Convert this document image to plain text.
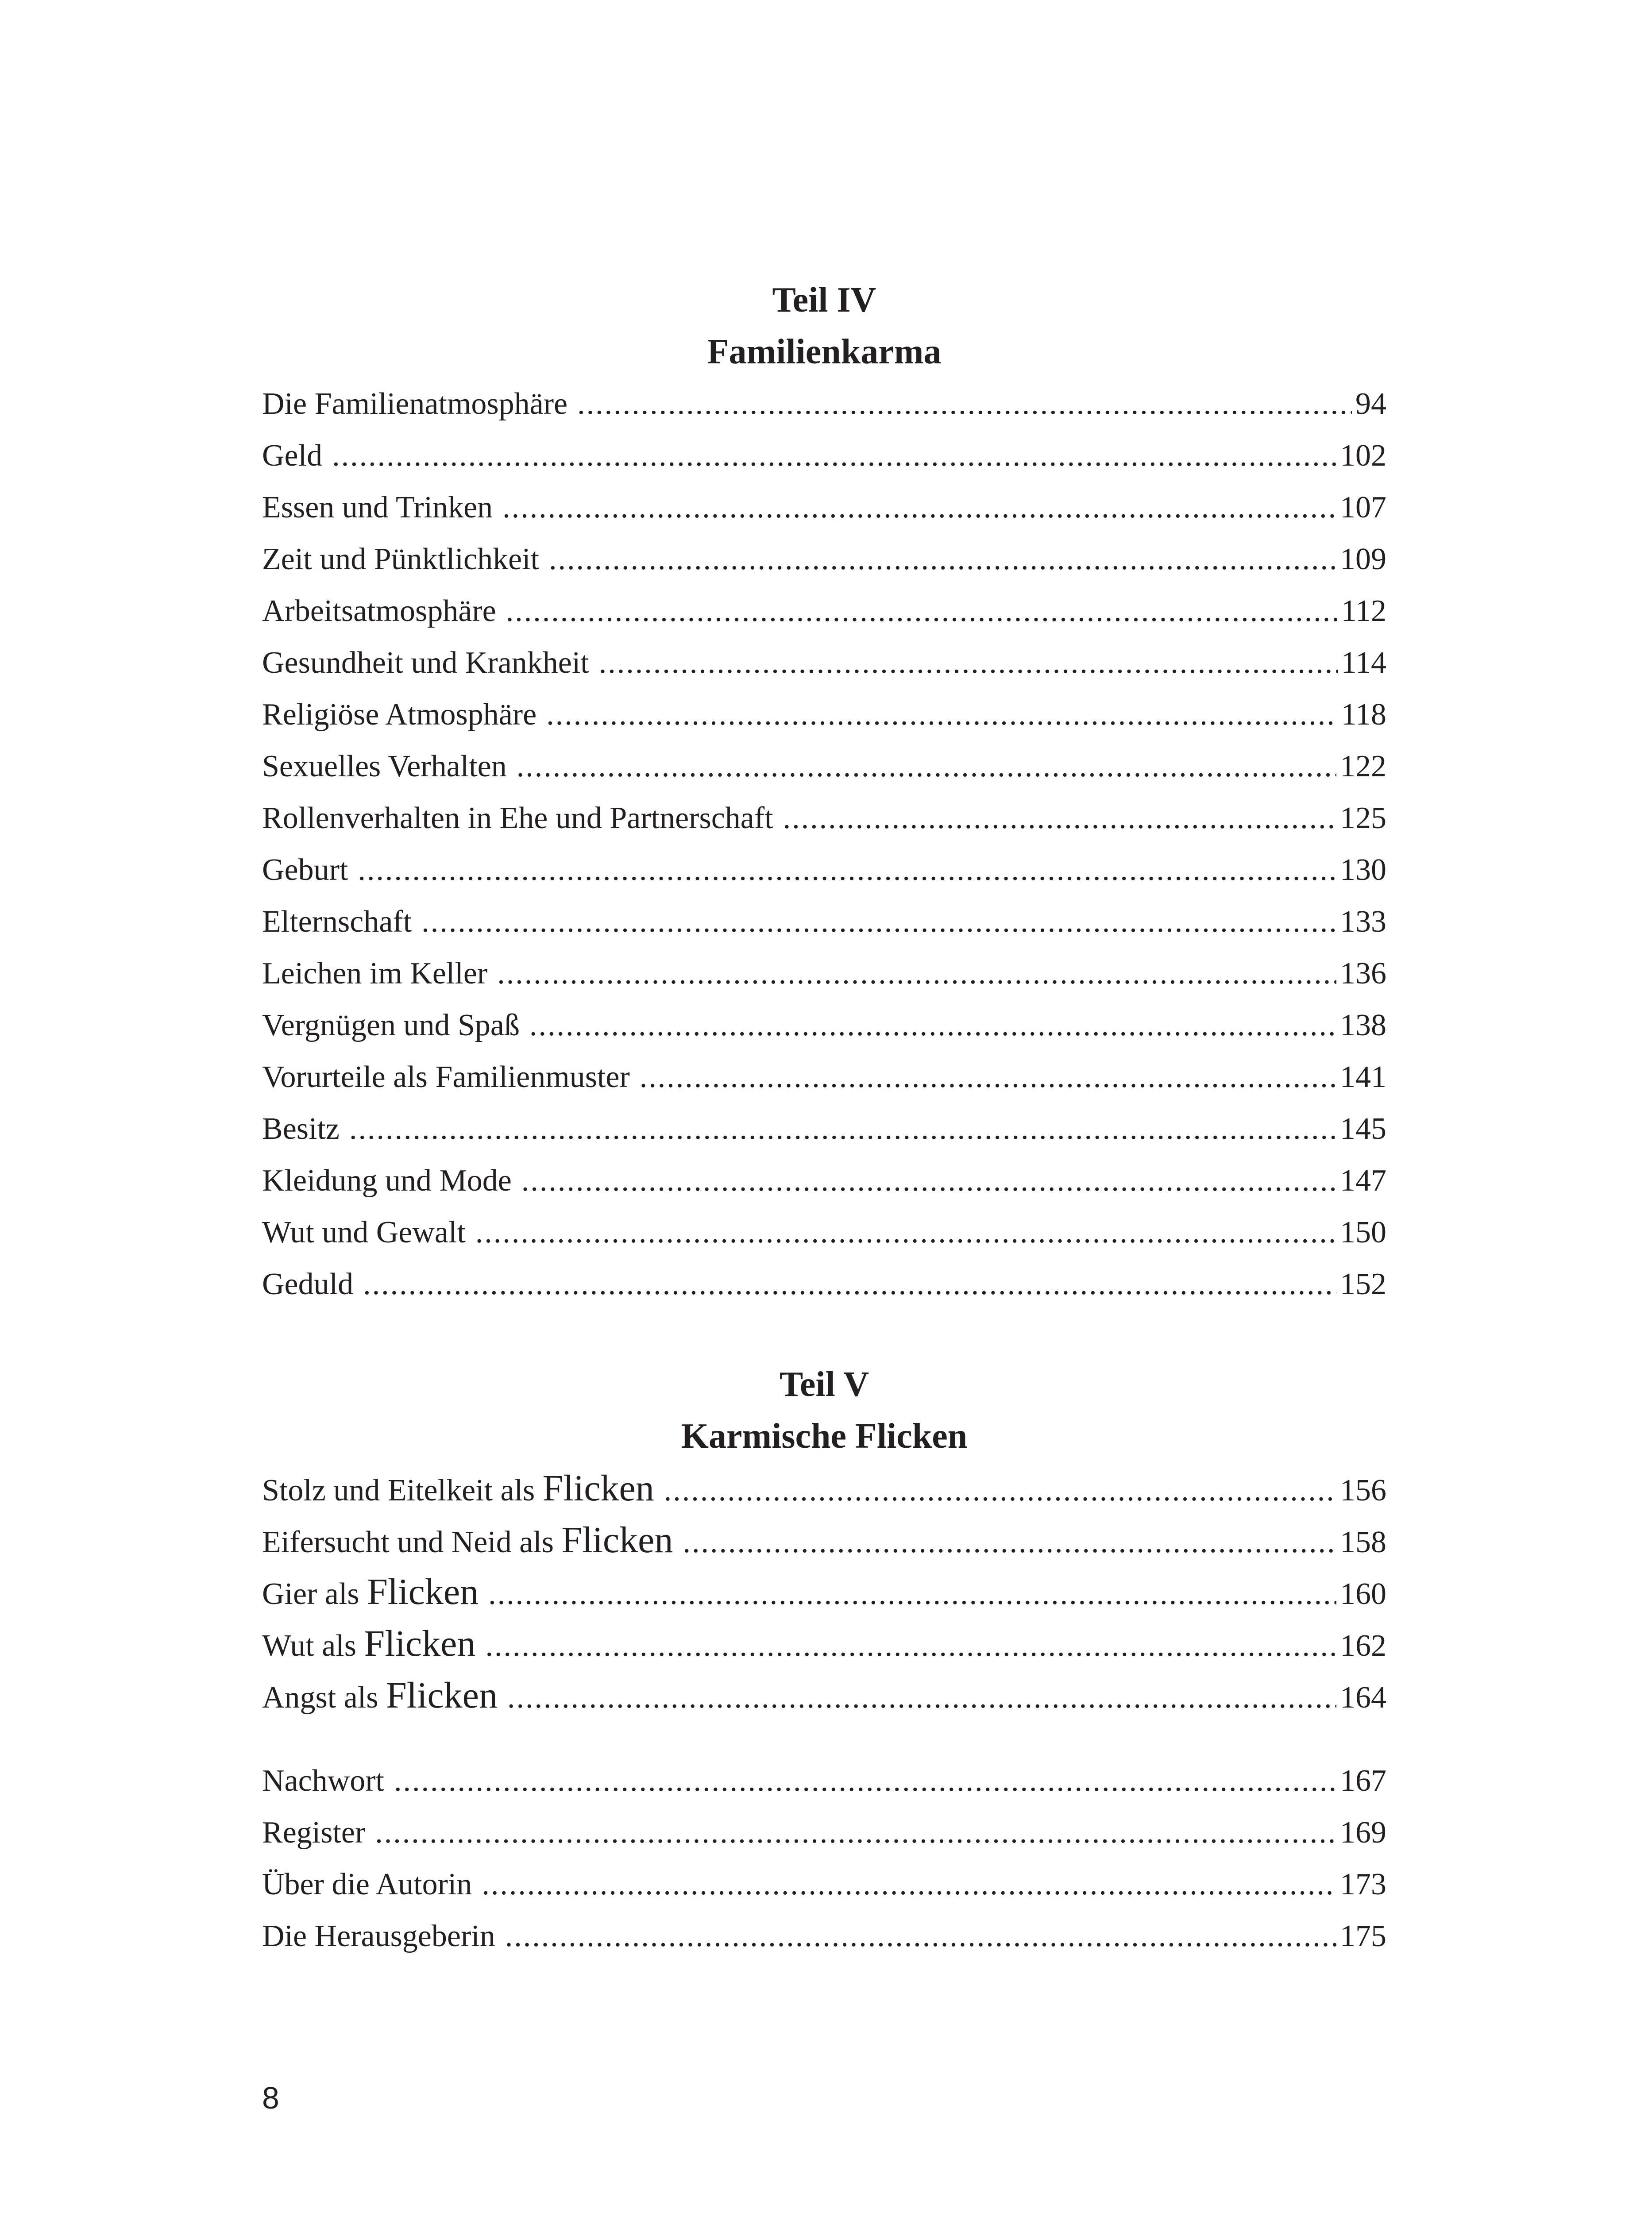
Teil IV
Familienkarma
Die Familienatmosphäre .....	94
Geld .....	102
Essen und Trinken .....	107
Zeit und Pünktlichkeit .....	109
Arbeitsatmosphäre .....	112
Gesundheit und Krankheit .....	114
Religiöse Atmosphäre .....	118
Sexuelles Verhalten .....	122
Rollenverhalten in Ehe und Partnerschaft .....	125
Geburt .....	130
Elternschaft .....	133
Leichen im Keller .....	136
Vergnügen und Spaß .....	138
Vorurteile als Familienmuster .....	141
Besitz .....	145
Kleidung und Mode .....	147
Wut und Gewalt .....	150
Geduld .....	152
Teil V
Karmische Flicken
Stolz und Eitelkeit als Flicken .....	156
Eifersucht und Neid als Flicken .....	158
Gier als Flicken .....	160
Wut als Flicken .....	162
Angst als Flicken .....	164
Nachwort .....	167
Register .....	169
Über die Autorin .....	173
Die Herausgeberin .....	175
8
